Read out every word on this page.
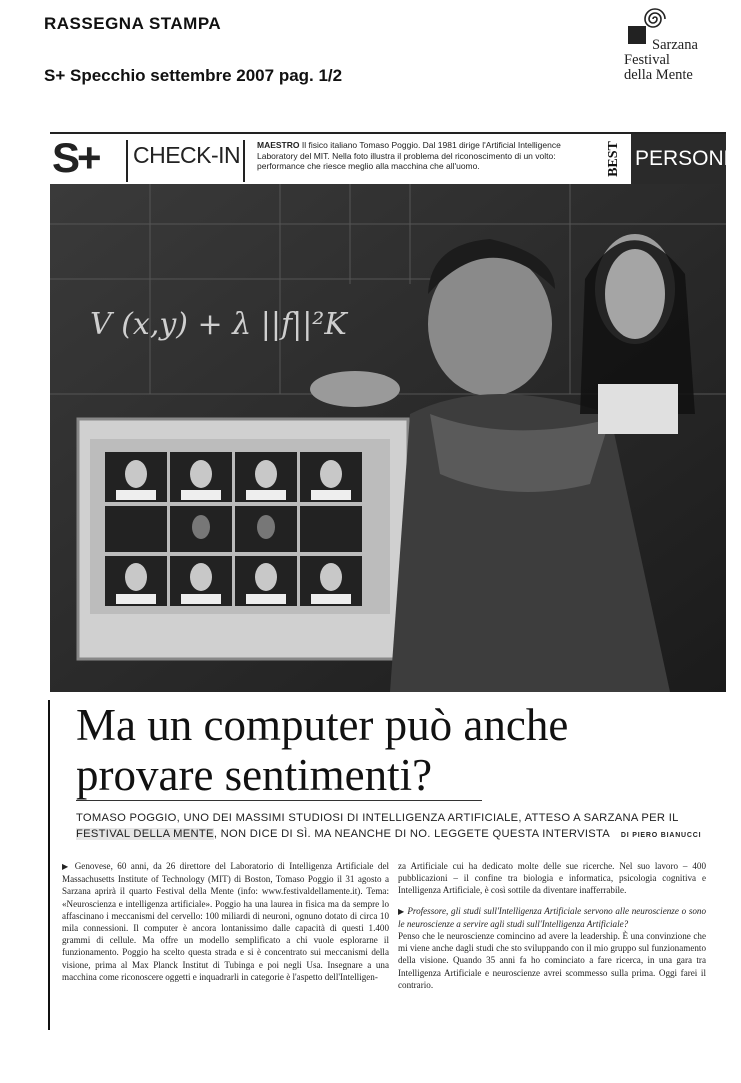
RASSEGNA STAMPA
S+ Specchio settembre 2007 pag. 1/2
Sarzana
Festival
della Mente
S+ CHECK-IN MAESTRO Il fisico italiano Tomaso Poggio. Dal 1981 dirige l'Artificial Intelligence Laboratory del MIT. Nella foto illustra il problema del riconoscimento di un volto: performance che riesce meglio alla macchina che all'uomo.	BEST PERSONE
V (x,y) + λ ||f||²K
Ma un computer può anche
provare sentimenti?
TOMASO POGGIO, UNO DEI MASSIMI STUDIOSI DI INTELLIGENZA ARTIFICIALE, ATTESO A SARZANA PER IL FESTIVAL DELLA MENTE, NON DICE DI SÌ. MA NEANCHE DI NO. LEGGETE QUESTA INTERVISTA DI PIERO BIANUCCI
▶ Genovese, 60 anni, da 26 direttore del Laboratorio di Intelligenza Artificiale del Massachusetts Institute of Technology (MIT) di Boston, Tomaso Poggio il 31 agosto a Sarzana aprirà il quarto Festival della Mente (info: www.festivaldellamente.it). Tema: «Neuroscienza e intelligenza artificiale». Poggio ha una laurea in fisica ma da sempre lo affascinano i meccanismi del cervello: 100 miliardi di neuroni, ognuno dotato di circa 10 mila connessioni. Il computer è ancora lontanissimo dalle capacità di questi 1.400 grammi di cellule. Ma offre un modello semplificato a chi vuole esplorarne il funzionamento. Poggio ha scelto questa strada e si è concentrato sui meccanismi della visione, prima al Max Planck Institut di Tubinga e poi negli Usa. Insegnare a una macchina come riconoscere oggetti e inquadrarli in categorie è l'aspetto dell'Intelligen-
za Artificiale cui ha dedicato molte delle sue ricerche. Nel suo lavoro – 400 pubblicazioni – il confine tra biologia e informatica, psicologia cognitiva e Intelligenza Artificiale, è così sottile da diventare inafferrabile.
▶ Professore, gli studi sull'Intelligenza Artificiale servono alle neuroscienze o sono le neuroscienze a servire agli studi sull'Intelligenza Artificiale?
Penso che le neuroscienze comincino ad avere la leadership. È una convinzione che mi viene anche dagli studi che sto sviluppando con il mio gruppo sul funzionamento della visione. Quando 35 anni fa ho cominciato a fare ricerca, in una gara tra Intelligenza Artificiale e neuroscienze avrei scommesso sulla prima. Oggi farei il contrario.
